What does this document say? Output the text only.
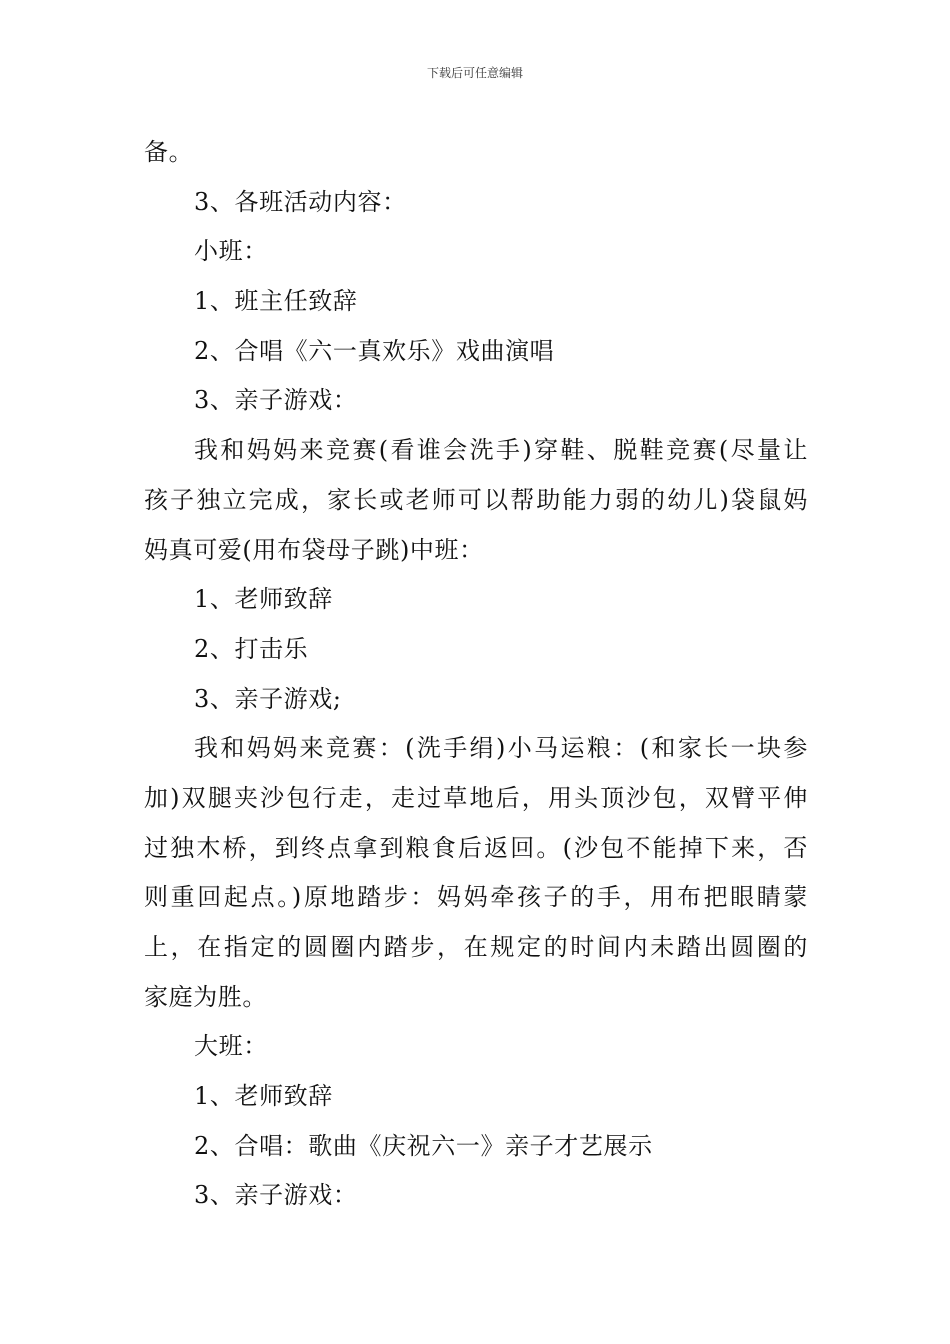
下载后可任意编辑
备。
3、各班活动内容：
小班：
1、班主任致辞
2、合唱《六一真欢乐》戏曲演唱
3、亲子游戏：
我和妈妈来竞赛(看谁会洗手)穿鞋、脱鞋竞赛(尽量让
孩子独立完成，家长或老师可以帮助能力弱的幼儿)袋鼠妈
妈真可爱(用布袋母子跳)中班：
1、老师致辞
2、打击乐
3、亲子游戏;
我和妈妈来竞赛：(洗手绢)小马运粮：(和家长一块参
加)双腿夹沙包行走，走过草地后，用头顶沙包，双臂平伸
过独木桥，到终点拿到粮食后返回。(沙包不能掉下来，否
则重回起点。)原地踏步：妈妈牵孩子的手，用布把眼睛蒙
上，在指定的圆圈内踏步，在规定的时间内未踏出圆圈的
家庭为胜。
大班：
1、老师致辞
2、合唱：歌曲《庆祝六一》亲子才艺展示
3、亲子游戏：
